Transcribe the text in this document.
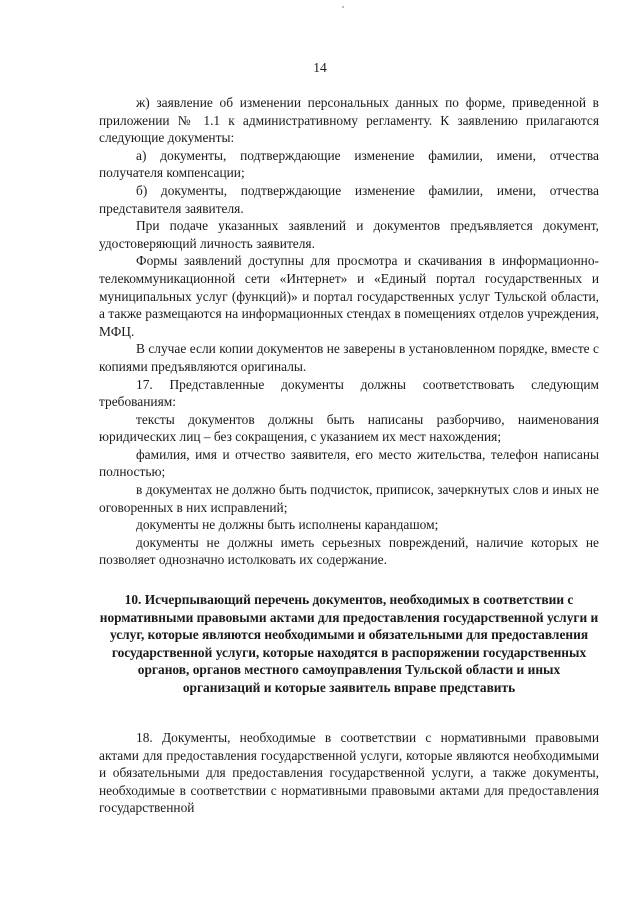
14

ж) заявление об изменении персональных данных по форме, приведенной в приложении № 1.1 к административному регламенту. К заявлению прилагаются следующие документы:

а) документы, подтверждающие изменение фамилии, имени, отчества получателя компенсации;

б) документы, подтверждающие изменение фамилии, имени, отчества представителя заявителя.

При подаче указанных заявлений и документов предъявляется документ, удостоверяющий личность заявителя.

Формы заявлений доступны для просмотра и скачивания в информационно-телекоммуникационной сети «Интернет» и «Единый портал государственных и муниципальных услуг (функций)» и портал государственных услуг Тульской области, а также размещаются на информационных стендах в помещениях отделов учреждения, МФЦ.

В случае если копии документов не заверены в установленном порядке, вместе с копиями предъявляются оригиналы.

17. Представленные документы должны соответствовать следующим требованиям:

тексты документов должны быть написаны разборчиво, наименования юридических лиц – без сокращения, с указанием их мест нахождения;

фамилия, имя и отчество заявителя, его место жительства, телефон написаны полностью;

в документах не должно быть подчисток, приписок, зачеркнутых слов и иных не оговоренных в них исправлений;

документы не должны быть исполнены карандашом;

документы не должны иметь серьезных повреждений, наличие которых не позволяет однозначно истолковать их содержание.

10. Исчерпывающий перечень документов, необходимых в соответствии с нормативными правовыми актами для предоставления государственной услуги и услуг, которые являются необходимыми и обязательными для предоставления государственной услуги, которые находятся в распоряжении государственных органов, органов местного самоуправления Тульской области и иных организаций и которые заявитель вправе представить

18. Документы, необходимые в соответствии с нормативными правовыми актами для предоставления государственной услуги, которые являются необходимыми и обязательными для предоставления государственной услуги, а также документы, необходимые в соответствии с нормативными правовыми актами для предоставления государственной
